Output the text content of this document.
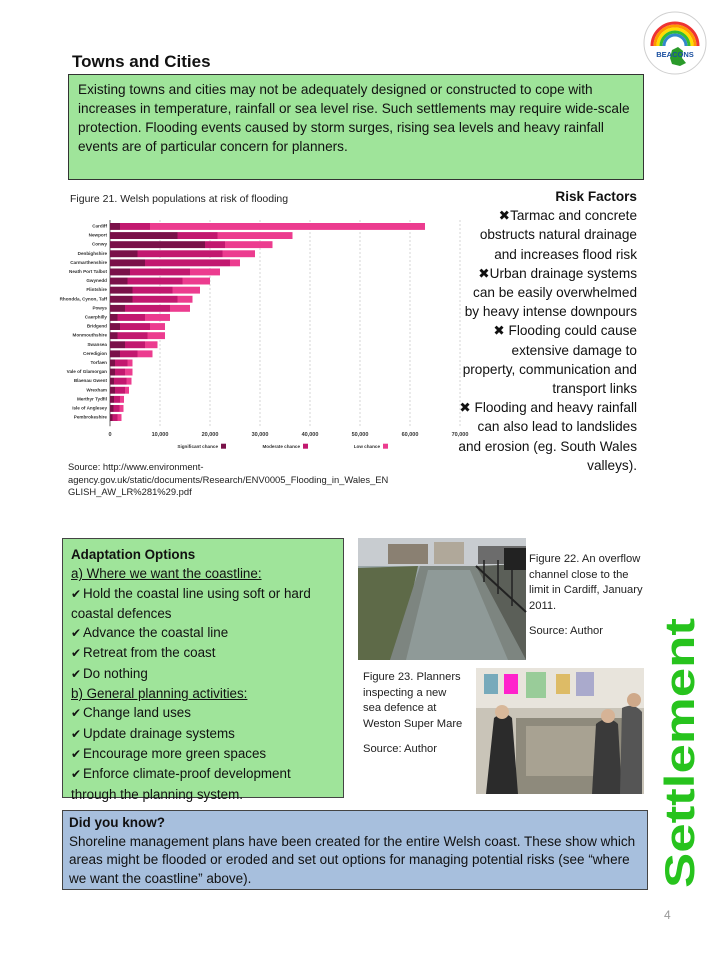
Towns and Cities	BEACONS
Existing towns and cities may not be adequately designed or constructed to cope with increases in temperature, rainfall or sea level rise. Such settlements may require wide-scale protection. Flooding events caused by storm surges, rising sea levels and heavy rainfall events are of particular concern for planners.
Figure 21. Welsh populations at risk of flooding
0	10,000	20,000	30,000	40,000	50,000	60,000	70,000
Cardiff
Newport
Conwy
Denbighshire
Carmarthenshire
Neath Port Talbot
Gwynedd
Flintshire
Rhondda, Cynon, Taff
Powys
Caerphilly
Bridgend
Monmouthshire
Swansea
Ceredigion
Torfaen
Vale of Glamorgan
Blaenau Gwent
Wrexham
Merthyr Tydfil
Isle of Anglesey
Pembrokeshire
Significant chance	Moderate chance	Low chance
Source: http://www.environment-agency.gov.uk/static/documents/Research/ENV0005_Flooding_in_Wales_EN GLISH_AW_LR%281%29.pdf
Risk Factors
✖Tarmac and concrete obstructs natural drainage and increases flood risk
✖Urban drainage systems can be easily overwhelmed by heavy intense downpours
✖ Flooding could cause extensive damage to property, communication and transport links
✖ Flooding and heavy rainfall can also lead to landslides and erosion (eg. South Wales valleys).
Adaptation Options
a) Where we want the coastline:
✔ Hold the coastal line using soft or hard coastal defences
✔ Advance the coastal line
✔ Retreat from the coast
✔ Do nothing
b) General planning activities:
✔ Change land uses
✔ Update drainage systems
✔ Encourage more green spaces
✔ Enforce climate-proof development through the planning system.
Figure 22. An overflow channel close to the limit in Cardiff, January 2011.
Source: Author
Figure 23. Planners inspecting a new sea defence at Weston Super Mare
Source: Author
Did you know?
Shoreline management plans have been created for the entire Welsh coast. These show which areas might be flooded or eroded and set out options for managing potential risks (see “where we want the coastline” above).	Settlement
4
